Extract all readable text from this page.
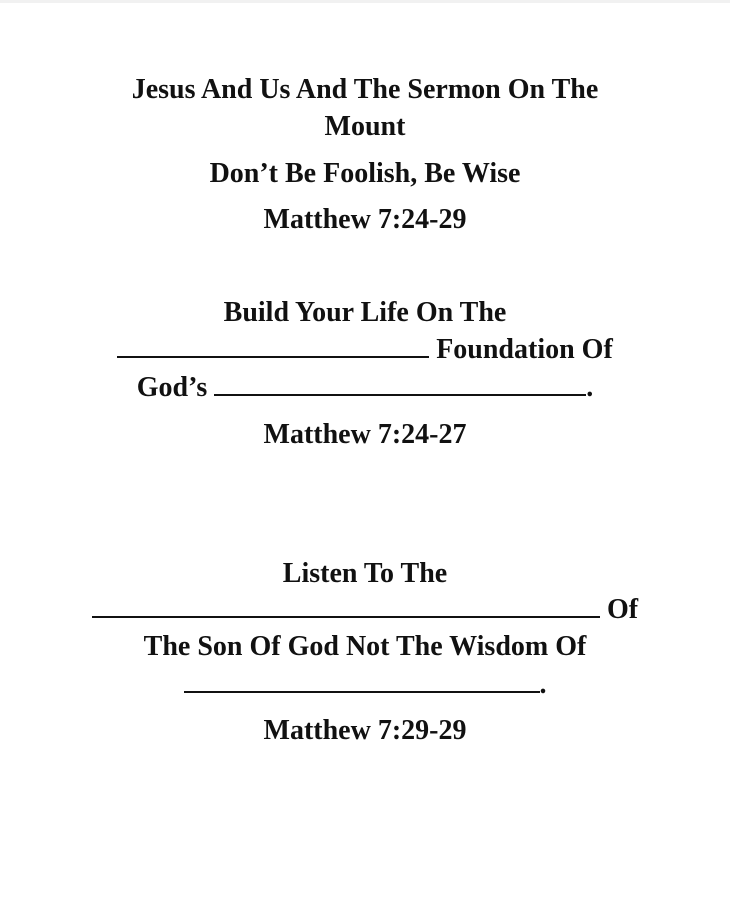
Jesus And Us And The Sermon On The
Mount
Don’t Be Foolish, Be Wise
Matthew 7:24-29
Build Your Life On The
Foundation Of
God’s	.
Matthew 7:24-27
Listen To The
Of
The Son Of God Not The Wisdom Of
.
Matthew 7:29-29
